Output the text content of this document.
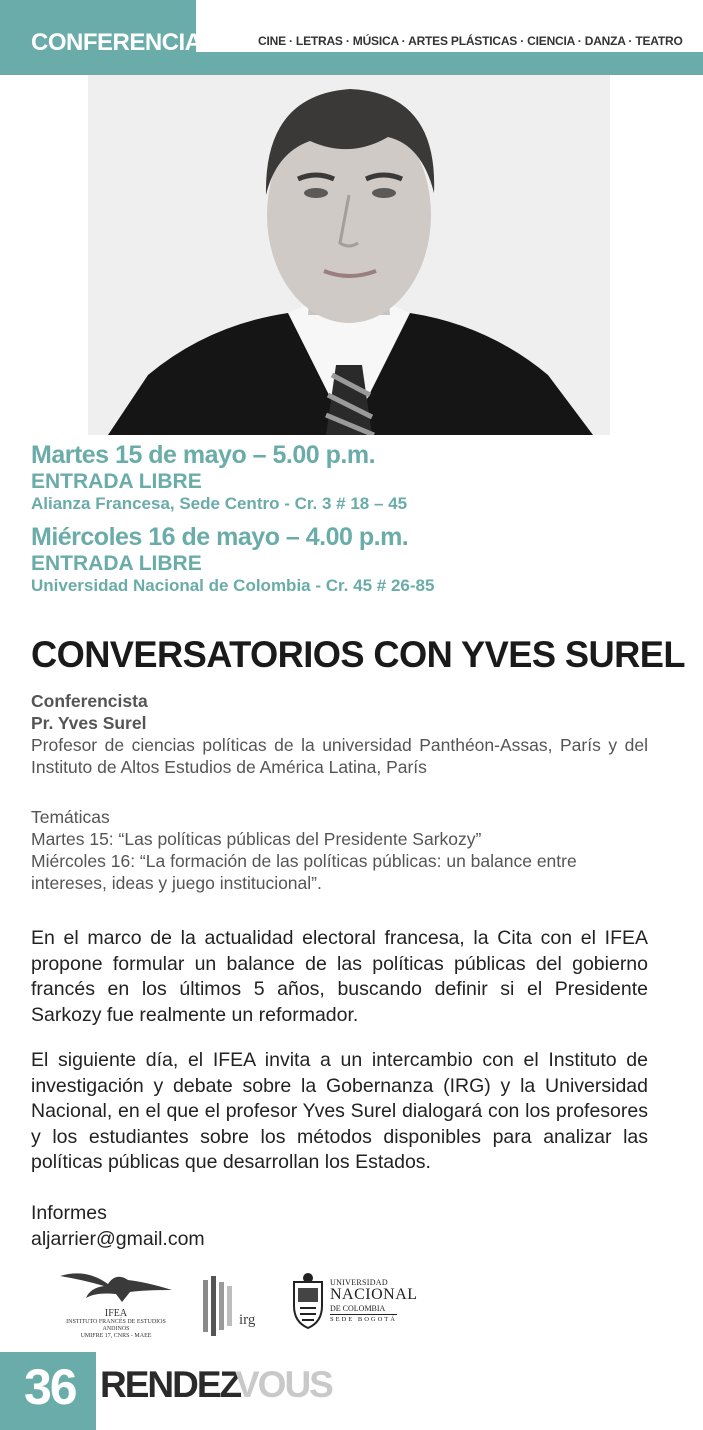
CONFERENCIA	CINE · LETRAS · MÚSICA · ARTES PLÁSTICAS · CIENCIA · DANZA · TEATRO
Martes 15 de mayo – 5.00 p.m.
ENTRADA LIBRE
Alianza Francesa, Sede Centro - Cr. 3 # 18 – 45
Miércoles 16 de mayo – 4.00 p.m.
ENTRADA LIBRE
Universidad Nacional de Colombia - Cr. 45 # 26-85
CONVERSATORIOS CON YVES SUREL
Conferencista
Pr. Yves Surel
Profesor de ciencias políticas de la universidad Panthéon-Assas, París y del Instituto de Altos Estudios de América Latina, París
Temáticas
Martes 15: “Las políticas públicas del Presidente Sarkozy”
Miércoles 16: “La formación de las políticas públicas: un balance entre intereses, ideas y juego institucional”.
En el marco de la actualidad electoral francesa, la Cita con el IFEA propone formular un balance de las políticas públicas del gobierno francés en los últimos 5 años, buscando definir si el Presidente Sarkozy fue realmente un reformador.
El siguiente día, el IFEA invita a un intercambio con el Instituto de investigación y debate sobre la Gobernanza (IRG) y la Universidad Nacional, en el que el profesor Yves Surel dialogará con los profesores y los estudiantes sobre los métodos disponibles para analizar las políticas públicas que desarrollan los Estados.
Informes
aljarrier@gmail.com
IFEA
INSTITUTO FRANCÉS DE ESTUDIOS ANDINOS
UMIFRE 17, CNRS - MAEE
irg
UNIVERSIDAD
NACIONAL
DE COLOMBIA
SEDE BOGOTÁ
36 RENDEZ
VOUS
